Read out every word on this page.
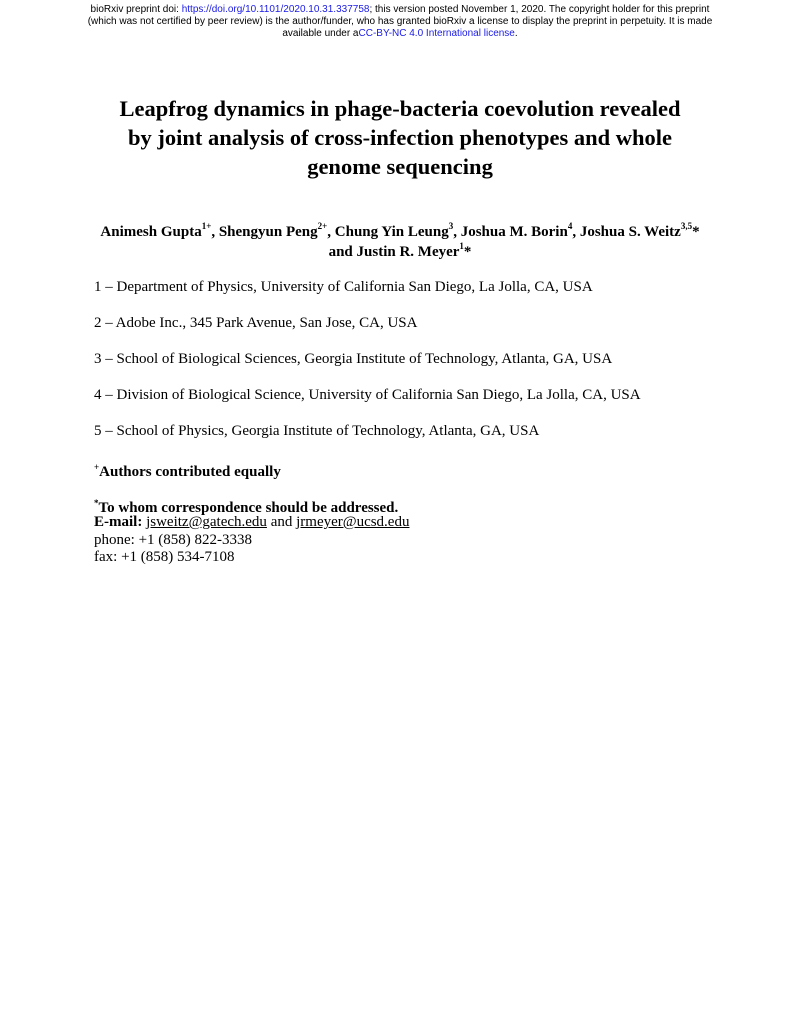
bioRxiv preprint doi: https://doi.org/10.1101/2020.10.31.337758; this version posted November 1, 2020. The copyright holder for this preprint
(which was not certified by peer review) is the author/funder, who has granted bioRxiv a license to display the preprint in perpetuity. It is made
available under aCC-BY-NC 4.0 International license.
Leapfrog dynamics in phage-bacteria coevolution revealed
by joint analysis of cross-infection phenotypes and whole
genome sequencing
Animesh Gupta$^{1+}$, Shengyun Peng$^{2+}$, Chung Yin Leung$^3$, Joshua M. Borin$^4$, Joshua S. Weitz$^{3,5}$* and Justin R. Meyer$^1$*
1 – Department of Physics, University of California San Diego, La Jolla, CA, USA
2 – Adobe Inc., 345 Park Avenue, San Jose, CA, USA
3 – School of Biological Sciences, Georgia Institute of Technology, Atlanta, GA, USA
4 – Division of Biological Science, University of California San Diego, La Jolla, CA, USA
5 – School of Physics, Georgia Institute of Technology, Atlanta, GA, USA
+Authors contributed equally
*To whom correspondence should be addressed.
E-mail: jsweitz@gatech.edu and jrmeyer@ucsd.edu
phone: +1 (858) 822-3338
fax: +1 (858) 534-7108
